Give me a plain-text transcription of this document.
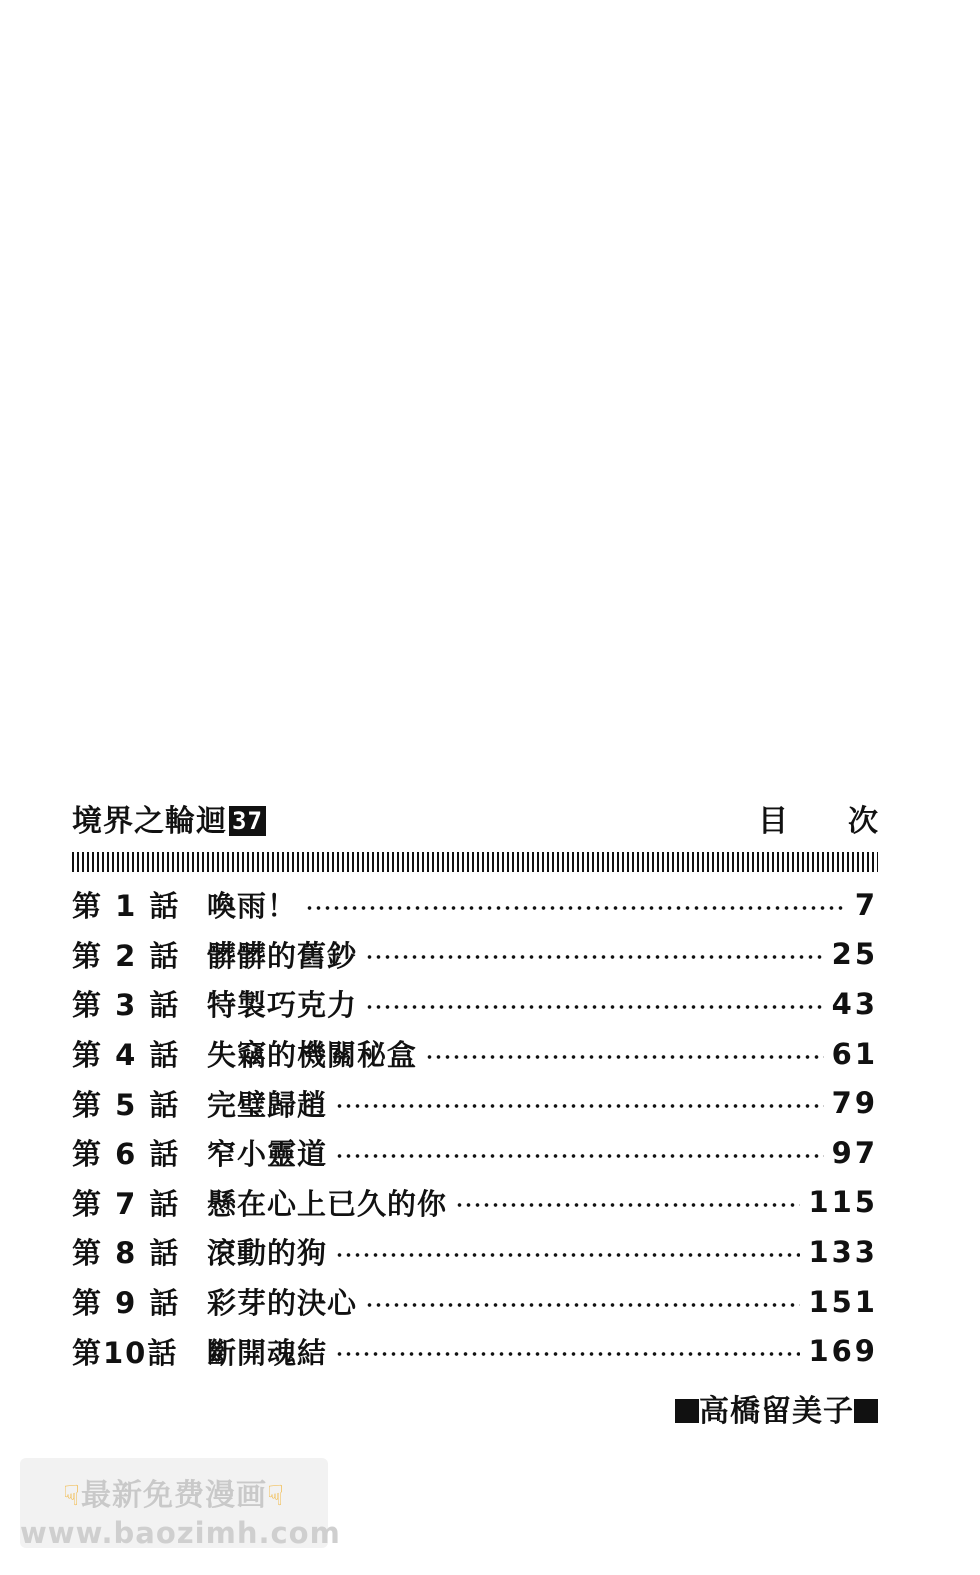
境界之輪迴 37	目次
第 1 話 喚雨！	7
第 2 話 髒髒的舊鈔	25
第 3 話 特製巧克力	43
第 4 話 失竊的機關秘盒	61
第 5 話 完璧歸趙	79
第 6 話 窄小靈道	97
第 7 話 懸在心上已久的你	115
第 8 話 滾動的狗	133
第 9 話 彩芽的決心	151
第10話 斷開魂結	169
高橋留美子
☟最新免费漫画☟
www.baozimh.com
